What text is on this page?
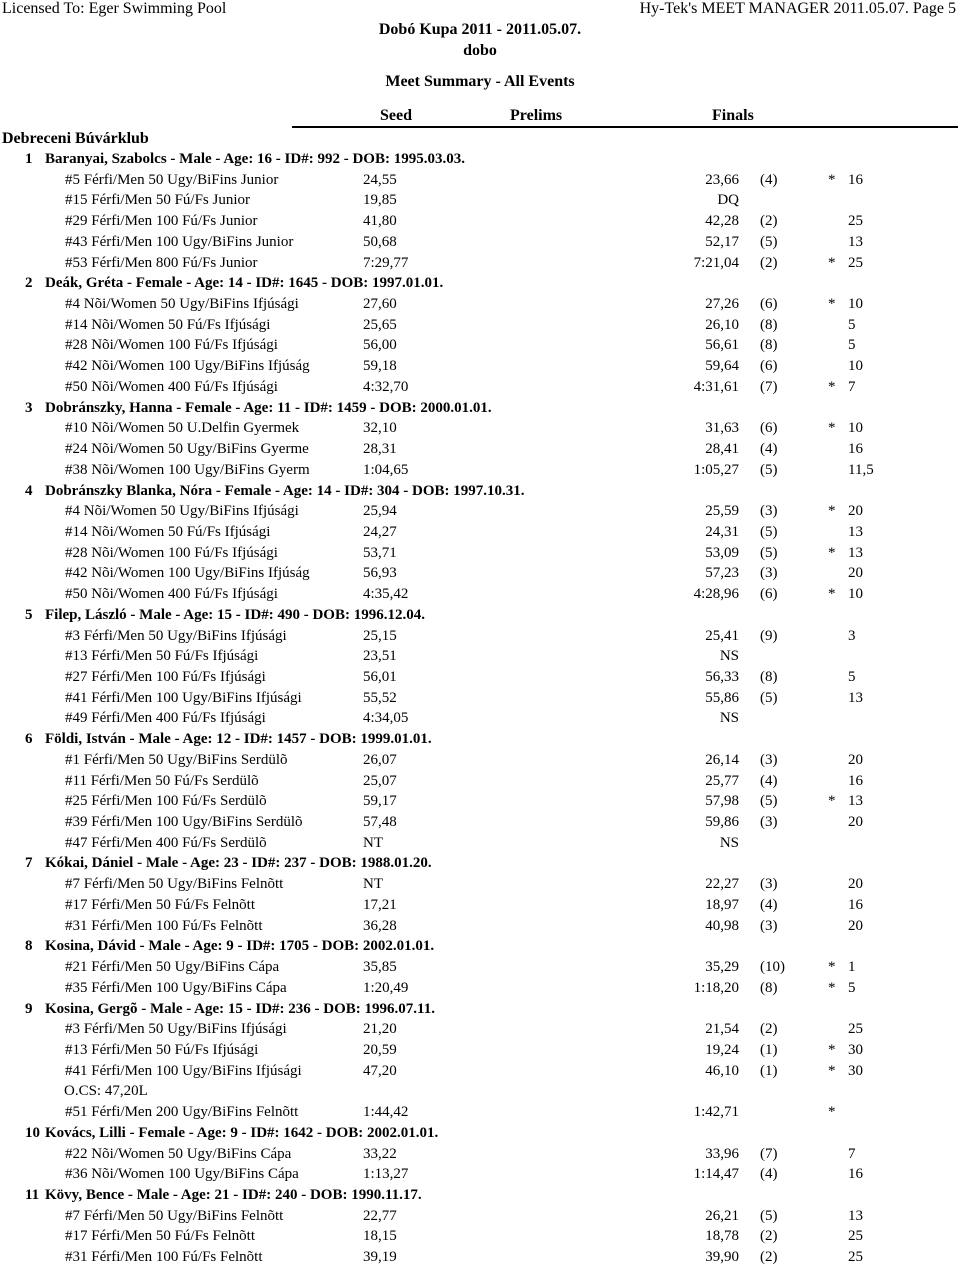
Licensed To: Eger Swimming Pool	Hy-Tek's MEET MANAGER 2011.05.07. Page 5
Dobó Kupa 2011 - 2011.05.07.
dobo
Meet Summary - All Events
Seed	Prelims	Finals
Debreceni Búvárklub
1 Baranyai, Szabolcs - Male - Age: 16 - ID#: 992 - DOB: 1995.03.03.
#5 Férfi/Men 50 Ugy/BiFins Junior	24,55	23,66 (4)	* 16
#15 Férfi/Men 50 Fú/Fs Junior	19,85	DQ
#29 Férfi/Men 100 Fú/Fs Junior	41,80	42,28 (2)	25
#43 Férfi/Men 100 Ugy/BiFins Junior	50,68	52,17 (5)	13
#53 Férfi/Men 800 Fú/Fs Junior	7:29,77	7:21,04 (2)	* 25
2 Deák, Gréta - Female - Age: 14 - ID#: 1645 - DOB: 1997.01.01.
#4 Nõi/Women 50 Ugy/BiFins Ifjúsági	27,60	27,26 (6)	* 10
#14 Nõi/Women 50 Fú/Fs Ifjúsági	25,65	26,10 (8)	5
#28 Nõi/Women 100 Fú/Fs Ifjúsági	56,00	56,61 (8)	5
#42 Nõi/Women 100 Ugy/BiFins Ifjúság	59,18	59,64 (6)	10
#50 Nõi/Women 400 Fú/Fs Ifjúsági	4:32,70	4:31,61 (7)	* 7
3 Dobránszky, Hanna - Female - Age: 11 - ID#: 1459 - DOB: 2000.01.01.
#10 Nõi/Women 50 U.Delfin Gyermek	32,10	31,63 (6)	* 10
#24 Nõi/Women 50 Ugy/BiFins Gyerme	28,31	28,41 (4)	16
#38 Nõi/Women 100 Ugy/BiFins Gyerm	1:04,65	1:05,27 (5)	11,5
4 Dobránszky Blanka, Nóra - Female - Age: 14 - ID#: 304 - DOB: 1997.10.31.
#4 Nõi/Women 50 Ugy/BiFins Ifjúsági	25,94	25,59 (3)	* 20
#14 Nõi/Women 50 Fú/Fs Ifjúsági	24,27	24,31 (5)	13
#28 Nõi/Women 100 Fú/Fs Ifjúsági	53,71	53,09 (5)	* 13
#42 Nõi/Women 100 Ugy/BiFins Ifjúság	56,93	57,23 (3)	20
#50 Nõi/Women 400 Fú/Fs Ifjúsági	4:35,42	4:28,96 (6)	* 10
5 Filep, László - Male - Age: 15 - ID#: 490 - DOB: 1996.12.04.
#3 Férfi/Men 50 Ugy/BiFins Ifjúsági	25,15	25,41 (9)	3
#13 Férfi/Men 50 Fú/Fs Ifjúsági	23,51	NS
#27 Férfi/Men 100 Fú/Fs Ifjúsági	56,01	56,33 (8)	5
#41 Férfi/Men 100 Ugy/BiFins Ifjúsági	55,52	55,86 (5)	13
#49 Férfi/Men 400 Fú/Fs Ifjúsági	4:34,05	NS
6 Földi, István - Male - Age: 12 - ID#: 1457 - DOB: 1999.01.01.
#1 Férfi/Men 50 Ugy/BiFins Serdülõ	26,07	26,14 (3)	20
#11 Férfi/Men 50 Fú/Fs Serdülõ	25,07	25,77 (4)	16
#25 Férfi/Men 100 Fú/Fs Serdülõ	59,17	57,98 (5)	* 13
#39 Férfi/Men 100 Ugy/BiFins Serdülõ	57,48	59,86 (3)	20
#47 Férfi/Men 400 Fú/Fs Serdülõ	NT	NS
7 Kókai, Dániel - Male - Age: 23 - ID#: 237 - DOB: 1988.01.20.
#7 Férfi/Men 50 Ugy/BiFins Felnõtt	NT	22,27 (3)	20
#17 Férfi/Men 50 Fú/Fs Felnõtt	17,21	18,97 (4)	16
#31 Férfi/Men 100 Fú/Fs Felnõtt	36,28	40,98 (3)	20
8 Kosina, Dávid - Male - Age: 9 - ID#: 1705 - DOB: 2002.01.01.
#21 Férfi/Men 50 Ugy/BiFins Cápa	35,85	35,29 (10)	* 1
#35 Férfi/Men 100 Ugy/BiFins Cápa	1:20,49	1:18,20 (8)	* 5
9 Kosina, Gergõ - Male - Age: 15 - ID#: 236 - DOB: 1996.07.11.
#3 Férfi/Men 50 Ugy/BiFins Ifjúsági	21,20	21,54 (2)	25
#13 Férfi/Men 50 Fú/Fs Ifjúsági	20,59	19,24 (1)	* 30
#41 Férfi/Men 100 Ugy/BiFins Ifjúsági	47,20	46,10 (1)	* 30
O.CS: 47,20L
#51 Férfi/Men 200 Ugy/BiFins Felnõtt	1:44,42	1:42,71	*
10 Kovács, Lilli - Female - Age: 9 - ID#: 1642 - DOB: 2002.01.01.
#22 Nõi/Women 50 Ugy/BiFins Cápa	33,22	33,96 (7)	7
#36 Nõi/Women 100 Ugy/BiFins Cápa	1:13,27	1:14,47 (4)	16
11 Kövy, Bence - Male - Age: 21 - ID#: 240 - DOB: 1990.11.17.
#7 Férfi/Men 50 Ugy/BiFins Felnõtt	22,77	26,21 (5)	13
#17 Férfi/Men 50 Fú/Fs Felnõtt	18,15	18,78 (2)	25
#31 Férfi/Men 100 Fú/Fs Felnõtt	39,19	39,90 (2)	25
